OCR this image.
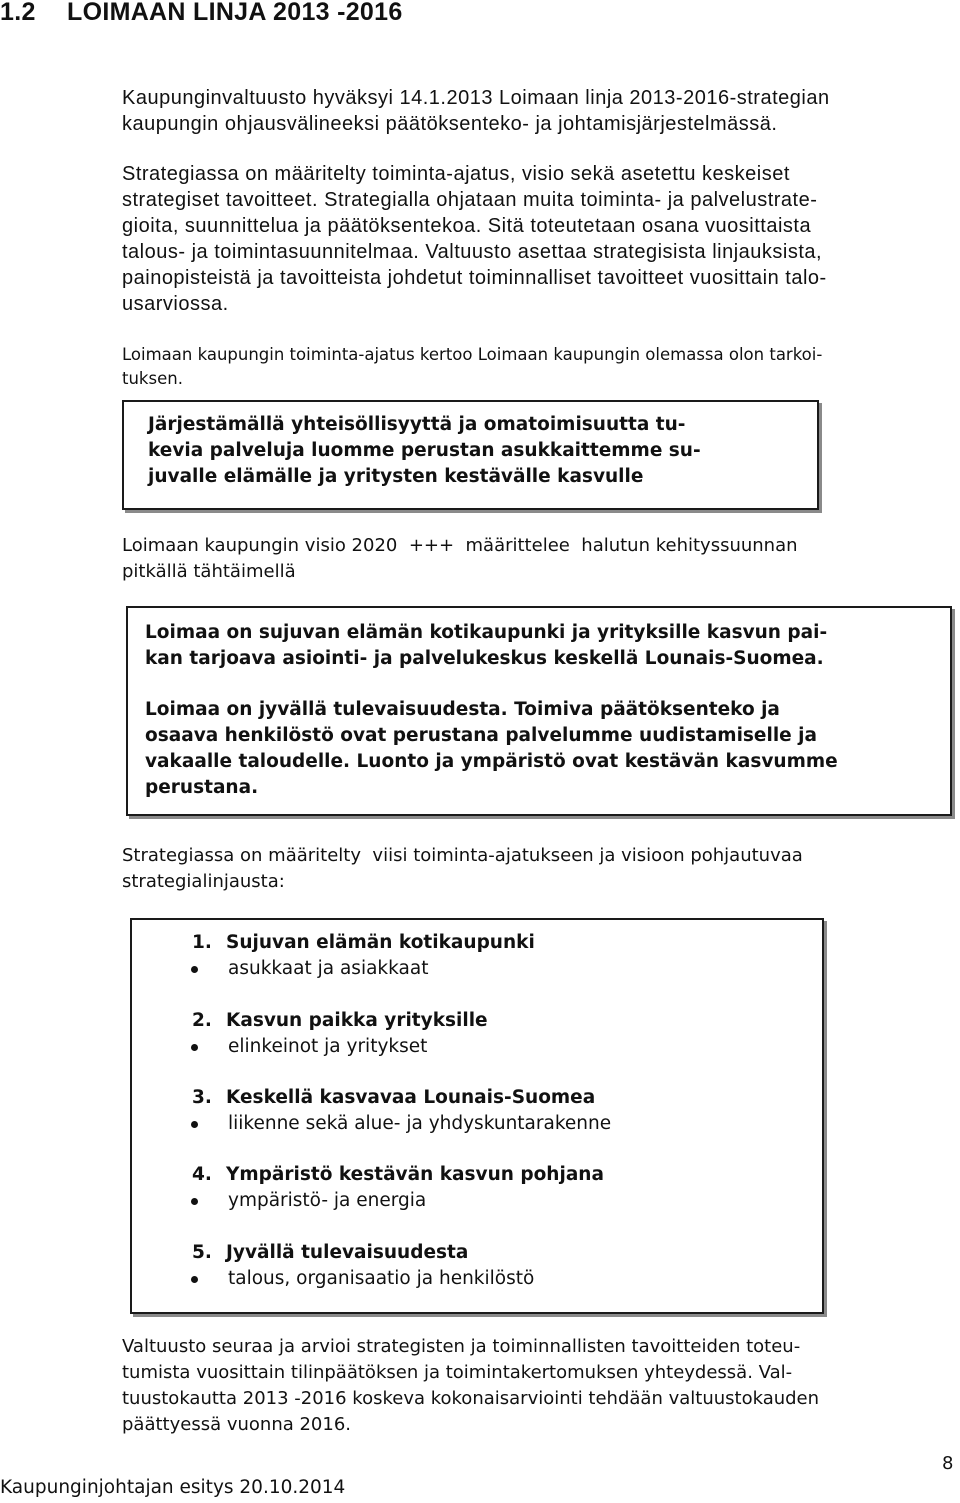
1.2 LOIMAAN LINJA 2013 -2016
Kaupunginvaltuusto hyväksyi 14.1.2013 Loimaan linja 2013-2016-strategian
kaupungin ohjausvälineeksi päätöksenteko- ja johtamisjärjestelmässä.
Strategiassa on määritelty toiminta-ajatus, visio sekä asetettu keskeiset
strategiset tavoitteet. Strategialla ohjataan muita toiminta- ja palvelustrate-
gioita, suunnittelua ja päätöksentekoa. Sitä toteutetaan osana vuosittaista
talous- ja toimintasuunnitelmaa. Valtuusto asettaa strategisista linjauksista,
painopisteistä ja tavoitteista johdetut toiminnalliset tavoitteet vuosittain talo-
usarviossa.
Loimaan kaupungin toiminta-ajatus kertoo Loimaan kaupungin olemassa olon tarkoi-
tuksen.
Järjestämällä yhteisöllisyyttä ja omatoimisuutta tu-
kevia palveluja luomme perustan asukkaittemme su-
juvalle elämälle ja yritysten kestävälle kasvulle
Loimaan kaupungin visio 2020  +++  määrittelee  halutun kehityssuunnan
pitkällä tähtäimellä
Loimaa on sujuvan elämän kotikaupunki ja yrityksille kasvun pai-
kan tarjoava asiointi- ja palvelukeskus keskellä Lounais-Suomea.
Loimaa on jyvällä tulevaisuudesta. Toimiva päätöksenteko ja
osaava henkilöstö ovat perustana palvelumme uudistamiselle ja
vakaalle taloudelle. Luonto ja ympäristö ovat kestävän kasvumme
perustana.
Strategiassa on määritelty  viisi toiminta-ajatukseen ja visioon pohjautuvaa
strategialinjausta:
1. Sujuvan elämän kotikaupunki
asukkaat ja asiakkaat
2. Kasvun paikka yrityksille
elinkeinot ja yritykset
3. Keskellä kasvavaa Lounais-Suomea
liikenne sekä alue- ja yhdyskuntarakenne
4. Ympäristö kestävän kasvun pohjana
ympäristö- ja energia
5. Jyvällä tulevaisuudesta
talous, organisaatio ja henkilöstö
Valtuusto seuraa ja arvioi strategisten ja toiminnallisten tavoitteiden toteu-
tumista vuosittain tilinpäätöksen ja toimintakertomuksen yhteydessä. Val-
tuustokautta 2013 -2016 koskeva kokonaisarviointi tehdään valtuustokauden
päättyessä vuonna 2016.
Kaupunginjohtajan esitys 20.10.2014
8
